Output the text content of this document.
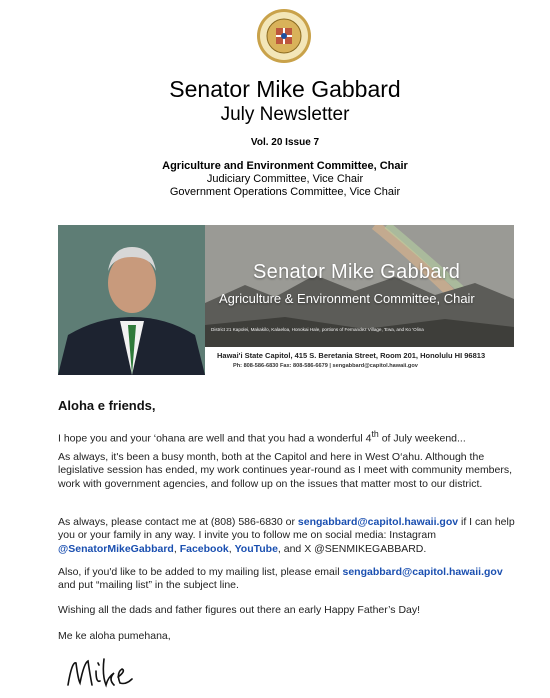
Senator Mike Gabbard
July Newsletter
Vol. 20 Issue 7
Agriculture and Environment Committee, Chair
Judiciary Committee, Vice Chair
Government Operations Committee, Vice Chair
Senator Mike Gabbard
Agriculture & Environment Committee, Chair
District 21 Kapolei, Makakilo, Kalaeloa, Honokai Hale, portions of Fernandez Village, 'Ewa, and Ko 'Olina
Hawai'i State Capitol, 415 S. Beretania Street, Room 201, Honolulu HI 96813
Ph: 808-586-6830 Fax: 808-586-6679 | sengabbard@capitol.hawaii.gov
Aloha e friends,
I hope you and your ‘ohana are well and that you had a wonderful 4th of July weekend...
As always, it's been a busy month, both at the Capitol and here in West O‘ahu. Although the legislative session has ended, my work continues year-round as I meet with community members, work with government agencies, and follow up on the issues that matter most to our district.
As always, please contact me at (808) 586-6830 or sengabbard@capitol.hawaii.gov if I can help you or your family in any way. I invite you to follow me on social media: Instagram @SenatorMikeGabbard, Facebook, YouTube, and X @SENMIKEGABBARD.
Also, if you'd like to be added to my mailing list, please email sengabbard@capitol.hawaii.gov and put “mailing list” in the subject line.
Wishing all the dads and father figures out there an early Happy Father’s Day!
Me ke aloha pumehana,
